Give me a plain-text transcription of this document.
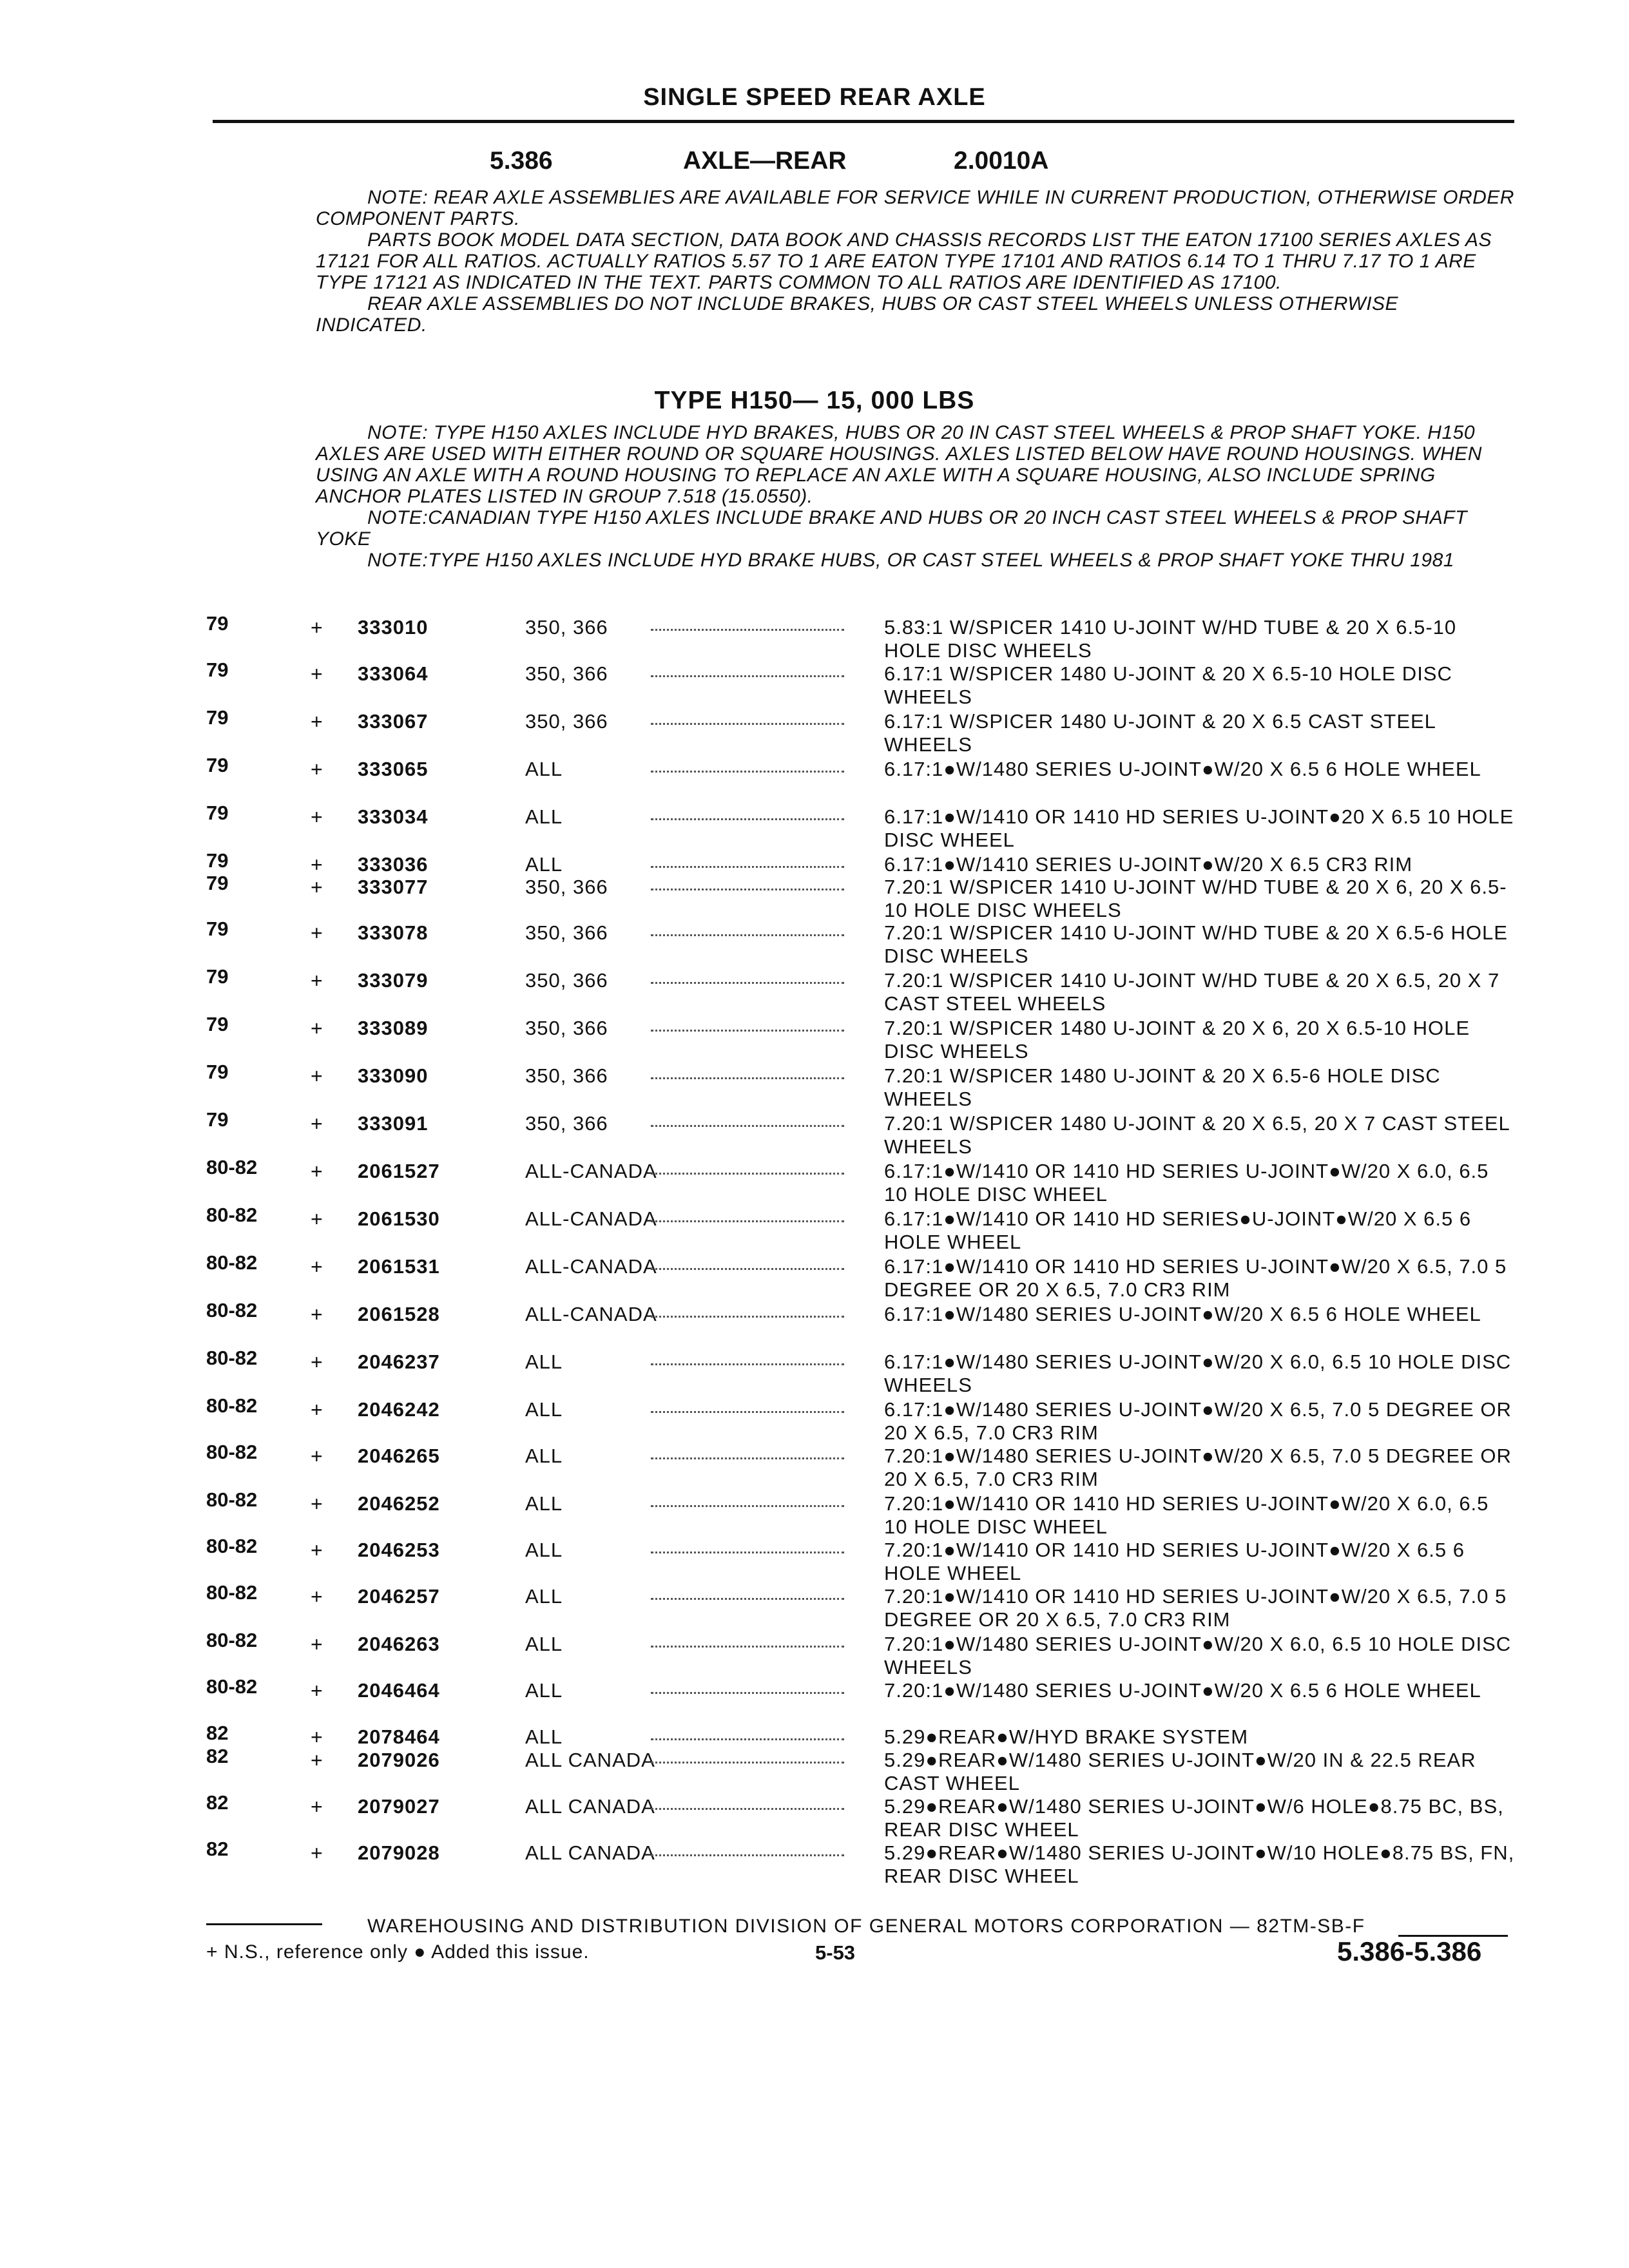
SINGLE SPEED REAR AXLE
5.386	AXLE—REAR	2.0010A

NOTE: REAR AXLE ASSEMBLIES ARE AVAILABLE FOR SERVICE WHILE IN CURRENT PRODUCTION, OTHERWISE ORDER COMPONENT PARTS.

PARTS BOOK MODEL DATA SECTION, DATA BOOK AND CHASSIS RECORDS LIST THE EATON 17100 SERIES AXLES AS 17121 FOR ALL RATIOS. ACTUALLY RATIOS 5.57 TO 1 ARE EATON TYPE 17101 AND RATIOS 6.14 TO 1 THRU 7.17 TO 1 ARE TYPE 17121 AS INDICATED IN THE TEXT. PARTS COMMON TO ALL RATIOS ARE IDENTIFIED AS 17100.

REAR AXLE ASSEMBLIES DO NOT INCLUDE BRAKES, HUBS OR CAST STEEL WHEELS UNLESS OTHERWISE INDICATED.

TYPE H150— 15, 000 LBS

NOTE: TYPE H150 AXLES INCLUDE HYD BRAKES, HUBS OR 20 IN CAST STEEL WHEELS & PROP SHAFT YOKE. H150 AXLES ARE USED WITH EITHER ROUND OR SQUARE HOUSINGS. AXLES LISTED BELOW HAVE ROUND HOUSINGS. WHEN USING AN AXLE WITH A ROUND HOUSING TO REPLACE AN AXLE WITH A SQUARE HOUSING, ALSO INCLUDE SPRING ANCHOR PLATES LISTED IN GROUP 7.518 (15.0550).

NOTE:CANADIAN TYPE H150 AXLES INCLUDE BRAKE AND HUBS OR 20 INCH CAST STEEL WHEELS & PROP SHAFT YOKE

NOTE:TYPE H150 AXLES INCLUDE HYD BRAKE HUBS, OR CAST STEEL WHEELS & PROP SHAFT YOKE THRU 1981

79	+ 333010	350, 366	5.83:1 W/SPICER 1410 U-JOINT W/HD TUBE & 20 X 6.5-10 HOLE DISC WHEELS
79	+ 333064	350, 366	6.17:1 W/SPICER 1480 U-JOINT & 20 X 6.5-10 HOLE DISC WHEELS
79	+ 333067	350, 366	6.17:1 W/SPICER 1480 U-JOINT & 20 X 6.5 CAST STEEL WHEELS
79	+ 333065	ALL	6.17:1●W/1480 SERIES U-JOINT●W/20 X 6.5 6 HOLE WHEEL
79	+ 333034	ALL	6.17:1●W/1410 OR 1410 HD SERIES U-JOINT●20 X 6.5 10 HOLE DISC WHEEL
79	+ 333036	ALL	6.17:1●W/1410 SERIES U-JOINT●W/20 X 6.5 CR3 RIM
79	+ 333077	350, 366	7.20:1 W/SPICER 1410 U-JOINT W/HD TUBE & 20 X 6, 20 X 6.5-10 HOLE DISC WHEELS
79	+ 333078	350, 366	7.20:1 W/SPICER 1410 U-JOINT W/HD TUBE & 20 X 6.5-6 HOLE DISC WHEELS
79	+ 333079	350, 366	7.20:1 W/SPICER 1410 U-JOINT W/HD TUBE & 20 X 6.5, 20 X 7 CAST STEEL WHEELS
79	+ 333089	350, 366	7.20:1 W/SPICER 1480 U-JOINT & 20 X 6, 20 X 6.5-10 HOLE DISC WHEELS
79	+ 333090	350, 366	7.20:1 W/SPICER 1480 U-JOINT & 20 X 6.5-6 HOLE DISC WHEELS
79	+ 333091	350, 366	7.20:1 W/SPICER 1480 U-JOINT & 20 X 6.5, 20 X 7 CAST STEEL WHEELS
80-82	+ 2061527	ALL-CANADA	6.17:1●W/1410 OR 1410 HD SERIES U-JOINT●W/20 X 6.0, 6.5 10 HOLE DISC WHEEL
80-82	+ 2061530	ALL-CANADA	6.17:1●W/1410 OR 1410 HD SERIES●U-JOINT●W/20 X 6.5 6 HOLE WHEEL
80-82	+ 2061531	ALL-CANADA	6.17:1●W/1410 OR 1410 HD SERIES U-JOINT●W/20 X 6.5, 7.0 5 DEGREE OR 20 X 6.5, 7.0 CR3 RIM
80-82	+ 2061528	ALL-CANADA	6.17:1●W/1480 SERIES U-JOINT●W/20 X 6.5 6 HOLE WHEEL
80-82	+ 2046237	ALL	6.17:1●W/1480 SERIES U-JOINT●W/20 X 6.0, 6.5 10 HOLE DISC WHEELS
80-82	+ 2046242	ALL	6.17:1●W/1480 SERIES U-JOINT●W/20 X 6.5, 7.0 5 DEGREE OR 20 X 6.5, 7.0 CR3 RIM
80-82	+ 2046265	ALL	7.20:1●W/1480 SERIES U-JOINT●W/20 X 6.5, 7.0 5 DEGREE OR 20 X 6.5, 7.0 CR3 RIM
80-82	+ 2046252	ALL	7.20:1●W/1410 OR 1410 HD SERIES U-JOINT●W/20 X 6.0, 6.5 10 HOLE DISC WHEEL
80-82	+ 2046253	ALL	7.20:1●W/1410 OR 1410 HD SERIES U-JOINT●W/20 X 6.5 6 HOLE WHEEL
80-82	+ 2046257	ALL	7.20:1●W/1410 OR 1410 HD SERIES U-JOINT●W/20 X 6.5, 7.0 5 DEGREE OR 20 X 6.5, 7.0 CR3 RIM
80-82	+ 2046263	ALL	7.20:1●W/1480 SERIES U-JOINT●W/20 X 6.0, 6.5 10 HOLE DISC WHEELS
80-82	+ 2046464	ALL	7.20:1●W/1480 SERIES U-JOINT●W/20 X 6.5 6 HOLE WHEEL
82	+ 2078464	ALL	5.29●REAR●W/HYD BRAKE SYSTEM
82	+ 2079026	ALL CANADA	5.29●REAR●W/1480 SERIES U-JOINT●W/20 IN & 22.5 REAR CAST WHEEL
82	+ 2079027	ALL CANADA	5.29●REAR●W/1480 SERIES U-JOINT●W/6 HOLE●8.75 BC, BS, REAR DISC WHEEL
82	+ 2079028	ALL CANADA	5.29●REAR●W/1480 SERIES U-JOINT●W/10 HOLE●8.75 BS, FN, REAR DISC WHEEL
WAREHOUSING AND DISTRIBUTION DIVISION OF GENERAL MOTORS CORPORATION — 82TM-SB-F
+ N.S., reference only ● Added this issue.	5-53	5.386-5.386
